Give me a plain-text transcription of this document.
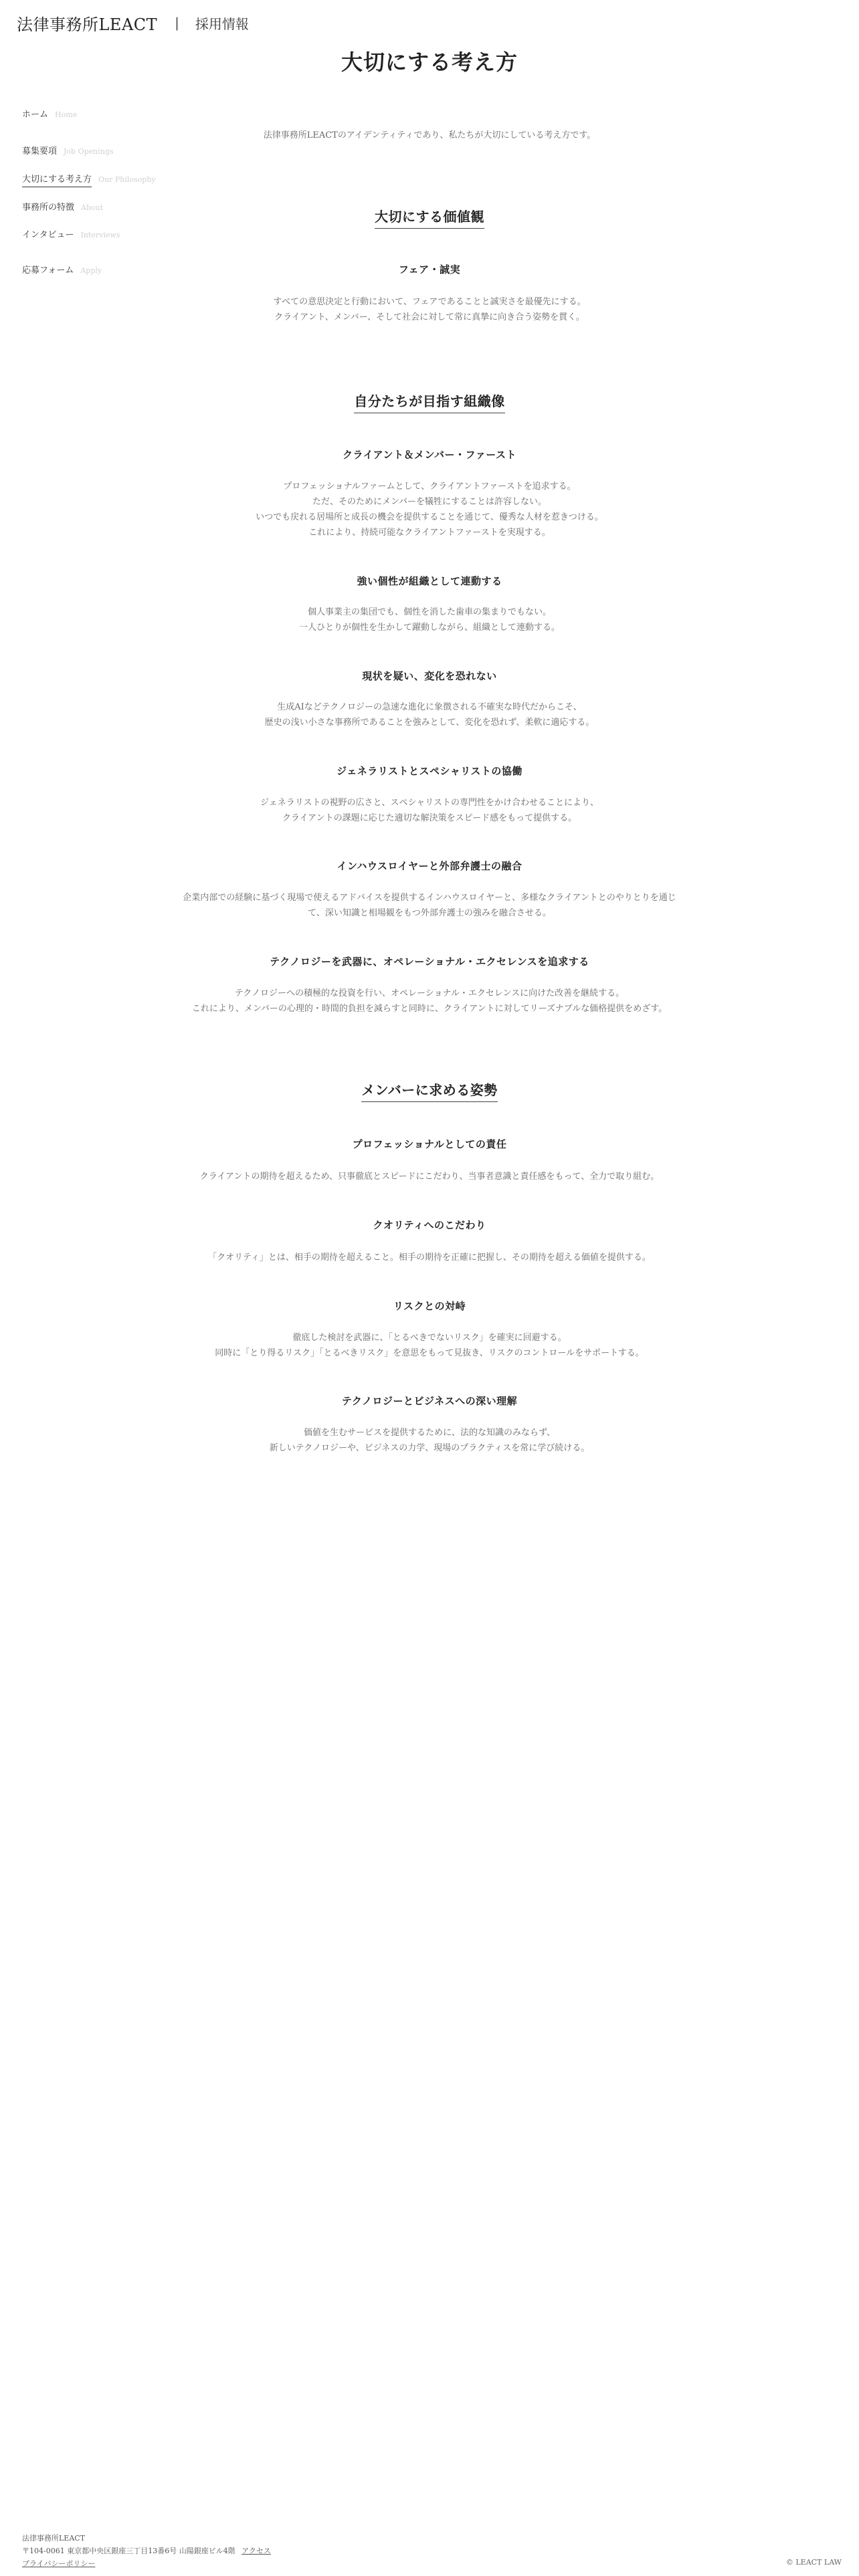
法律事務所LEACT | 採用情報
大切にする考え方
ホーム Home
募集要項 Job Openings
大切にする考え方 Our Philosophy
事務所の特徴 About
インタビュー Interviews
応募フォーム Apply

法律事務所LEACTのアイデンティティであり、私たちが大切にしている考え方です。

大切にする価値観
フェア・誠実
すべての意思決定と行動において、フェアであることと誠実さを最優先にする。
クライアント、メンバー、そして社会に対して常に真摯に向き合う姿勢を貫く。
自分たちが目指す組織像
クライアント＆メンバー・ファースト
プロフェッショナルファームとして、クライアントファーストを追求する。
ただ、そのためにメンバーを犠牲にすることは許容しない。
いつでも戻れる居場所と成長の機会を提供することを通じて、優秀な人材を惹きつける。
これにより、持続可能なクライアントファーストを実現する。
強い個性が組織として連動する
個人事業主の集団でも、個性を消した歯車の集まりでもない。
一人ひとりが個性を生かして躍動しながら、組織として連動する。
現状を疑い、変化を恐れない
生成AIなどテクノロジーの急速な進化に象徴される不確実な時代だからこそ、
歴史の浅い小さな事務所であることを強みとして、変化を恐れず、柔軟に適応する。
ジェネラリストとスペシャリストの協働
ジェネラリストの視野の広さと、スペシャリストの専門性をかけ合わせることにより、
クライアントの課題に応じた適切な解決策をスピード感をもって提供する。
インハウスロイヤーと外部弁護士の融合
企業内部での経験に基づく現場で使えるアドバイスを提供するインハウスロイヤーと、多様なクライアントとのやりとりを通じ
て、深い知識と相場観をもつ外部弁護士の強みを融合させる。
テクノロジーを武器に、オペレーショナル・エクセレンスを追求する
テクノロジーへの積極的な投資を行い、オペレーショナル・エクセレンスに向けた改善を継続する。
これにより、メンバーの心理的・時間的負担を減らすと同時に、クライアントに対してリーズナブルな価格提供をめざす。
メンバーに求める姿勢
プロフェッショナルとしての責任
クライアントの期待を超えるため、只事徹底とスピードにこだわり、当事者意識と責任感をもって、全力で取り組む。
クオリティへのこだわり
「クオリティ」とは、相手の期待を超えること。相手の期待を正確に把握し、その期待を超える価値を提供する。
リスクとの対峙
徹底した検討を武器に、「とるべきでないリスク」を確実に回避する。
同時に「とり得るリスク」「とるべきリスク」を意思をもって見抜き、リスクのコントロールをサポートする。
テクノロジーとビジネスへの深い理解
価値を生むサービスを提供するために、法的な知識のみならず、
新しいテクノロジーや、ビジネスの力学、現場のプラクティスを常に学び続ける。
法律事務所LEACT
〒104-0061 東京都中央区銀座三丁目13番6号 山陽銀座ビル4階 アクセス
プライバシーポリシー	© LEACT LAW
